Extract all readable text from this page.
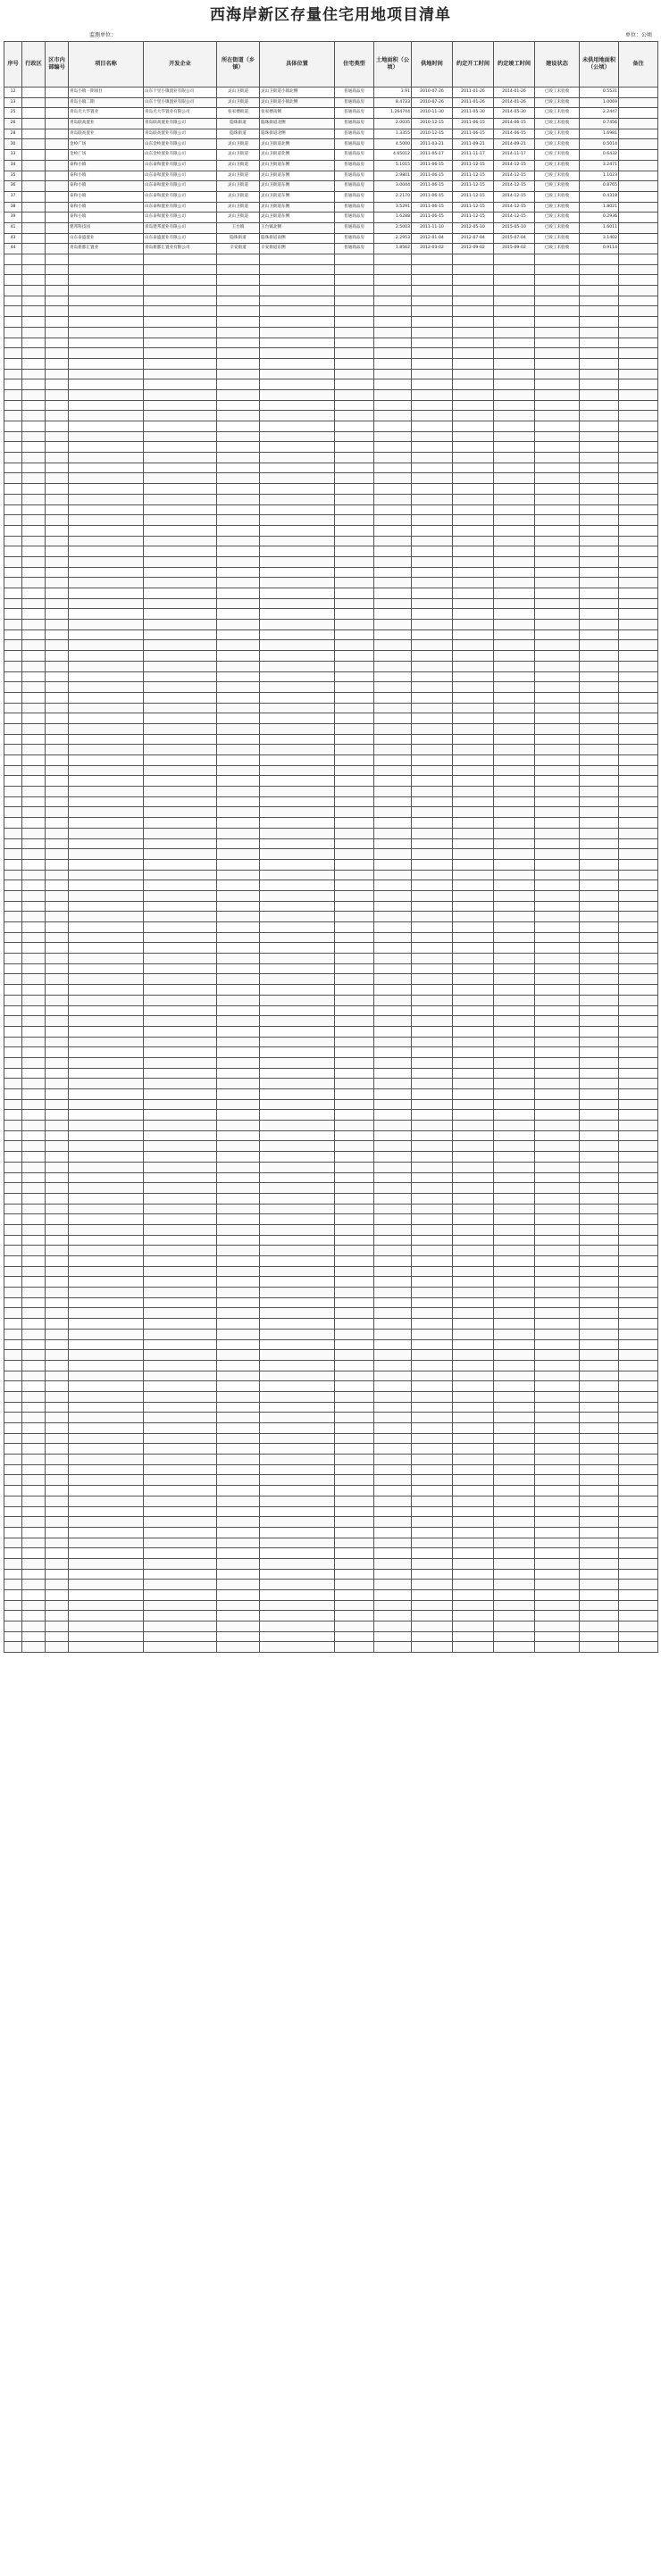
西海岸新区存量住宅用地项目清单
监测单位：	单位：公顷
序号	行政区	区市内部编号	项目名称	开发企业	所在街道（乡镇）	具体位置	住宅类型	土地面积（公顷）	供地时间	约定开工时间	约定竣工时间	建设状态	未供用地面积（公顷）	备注
12			青岛小镇一期项目	山东十里小镇置业有限公司	灵山卫街道	灵山卫街道小镇北侧	普通商品房	3.91	2010-07-26	2011-01-26	2014-01-26	已竣工未验收	0.5531	
13			青岛小镇二期	山东十里小镇置业有限公司	灵山卫街道	灵山卫街道小镇北侧	普通商品房	8.4733	2010-07-26	2011-01-26	2014-01-26	已竣工未验收	1.0069	
25			青岛光大华置业	青岛光大华置业有限公司	张家楼街道	张家楼南侧	普通商品房	1.264744	2010-11-30	2011-05-30	2014-05-30	已竣工未验收	2.2447	
26			青岛联高置业	青岛联高置业有限公司	隐珠街道	隐珠街道北侧	普通商品房	2.0035	2010-12-15	2011-06-15	2014-06-15	已竣工未验收	0.7456	
28			青岛联高置业	青岛联高置业有限公司	隐珠街道	隐珠街道北侧	普通商品房	1.3355	2010-12-15	2011-06-15	2014-06-15	已竣工未验收	1.6981	
30			金岭广场	山东金岭置业有限公司	灵山卫街道	灵山卫街道北侧	普通商品房	4.5000	2011-03-21	2011-09-21	2014-09-21	已竣工未验收	0.5014	
33			金岭广场	山东金岭置业有限公司	灵山卫街道	灵山卫街道北侧	普通商品房	4.65012	2011-05-17	2011-11-17	2014-11-17	已竣工未验收	0.6432	
34			泰和小镇	山东泰和置业有限公司	灵山卫街道	灵山卫街道东侧	普通商品房	5.1015	2011-06-15	2011-12-15	2014-12-15	已竣工未验收	3.2471	
35			泰和小镇	山东泰和置业有限公司	灵山卫街道	灵山卫街道东侧	普通商品房	2.9801	2011-06-15	2011-12-15	2014-12-15	已竣工未验收	1.1023	
36			泰和小镇	山东泰和置业有限公司	灵山卫街道	灵山卫街道东侧	普通商品房	3.0044	2011-06-15	2011-12-15	2014-12-15	已竣工未验收	0.8765	
37			泰和小镇	山东泰和置业有限公司	灵山卫街道	灵山卫街道东侧	普通商品房	2.2170	2011-06-15	2011-12-15	2014-12-15	已竣工未验收	0.4318	
38			泰和小镇	山东泰和置业有限公司	灵山卫街道	灵山卫街道东侧	普通商品房	3.5291	2011-06-15	2011-12-15	2014-12-15	已竣工未验收	1.8021	
39			泰和小镇	山东泰和置业有限公司	灵山卫街道	灵山卫街道东侧	普通商品房	1.6288	2011-06-15	2011-12-15	2014-12-15	已竣工未验收	0.2936	
41			建邦科技园	青岛建邦置业有限公司	王台镇	王台镇北侧	普通商品房	2.5003	2011-11-10	2012-05-10	2015-05-10	已竣工未验收	1.6011	
43			山东泰盛置业	山东泰盛置业有限公司	隐珠街道	隐珠街道南侧	普通商品房	2.2953	2012-01-04	2012-07-04	2015-07-04	已竣工未验收	3.1402	
44			青岛新都汇置业	青岛新都汇置业有限公司	辛安街道	辛安街道东侧	普通商品房	1.8562	2012-03-02	2012-09-02	2015-09-02	已竣工未验收	0.9114	
